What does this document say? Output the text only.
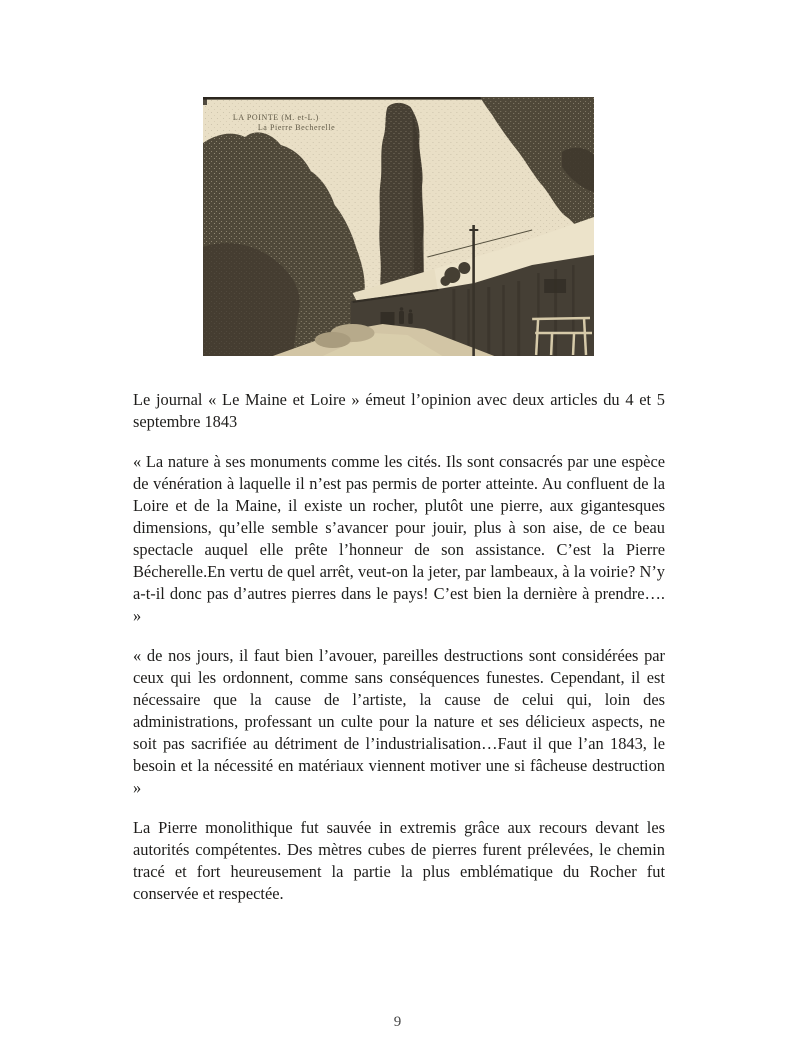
LA POINTE (M. et-L.)
La Pierre Becherelle

Le journal « Le Maine et Loire » émeut l’opinion avec deux articles du 4 et 5 septembre 1843

« La nature à ses monuments comme les cités. Ils sont consacrés par une espèce de vénération à laquelle il n’est pas permis de porter atteinte. Au confluent de la Loire et de la Maine, il existe un rocher, plutôt une pierre, aux gigantesques dimensions, qu’elle semble s’avancer pour jouir, plus à son aise, de ce beau spectacle auquel elle prête l’honneur de son assistance. C’est la Pierre Bécherelle.En vertu de quel arrêt, veut-on la jeter, par lambeaux, à la voirie? N’y a-t-il donc pas d’autres pierres dans le pays! C’est bien la dernière à prendre…. »

« de nos jours, il faut bien l’avouer, pareilles destructions sont considérées par ceux qui les ordonnent, comme sans conséquences funestes. Cependant, il est nécessaire que la cause de l’artiste, la cause de celui qui, loin des administrations, professant un culte pour la nature et ses délicieux aspects, ne soit pas sacrifiée au détriment de l’industrialisation…Faut il que l’an 1843, le besoin et la nécessité en matériaux viennent motiver une si fâcheuse destruction »

La Pierre monolithique fut sauvée in extremis grâce aux recours devant les autorités compétentes. Des mètres cubes de pierres furent prélevées, le chemin tracé et fort heureusement la partie la plus emblématique du Rocher fut conservée et respectée.

9
